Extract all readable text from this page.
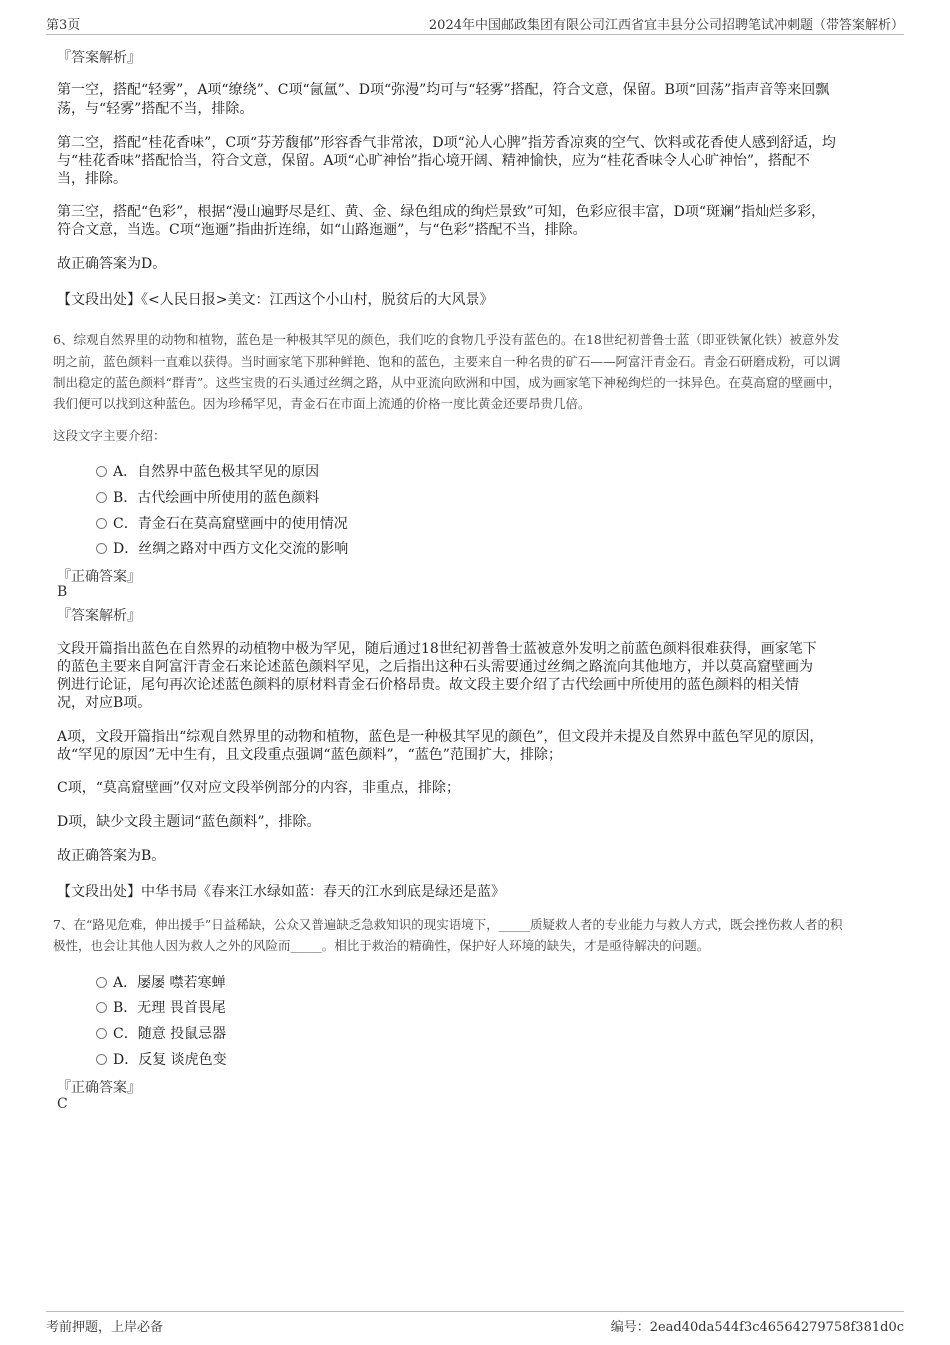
第3页	2024年中国邮政集团有限公司江西省宜丰县分公司招聘笔试冲刺题（带答案解析）
『答案解析』
第一空，搭配“轻雾”，A项“缭绕”、C项“氤氲”、D项“弥漫”均可与“轻雾”搭配，符合文意，保留。B项“回荡”指声音等来回飘
荡，与“轻雾”搭配不当，排除。
第二空，搭配“桂花香味”，C项“芬芳馥郁”形容香气非常浓，D项“沁人心脾”指芳香凉爽的空气、饮料或花香使人感到舒适，均
与“桂花香味”搭配恰当，符合文意，保留。A项“心旷神怡”指心境开阔、精神愉快，应为“桂花香味令人心旷神怡”，搭配不
当，排除。
第三空，搭配“色彩”，根据“漫山遍野尽是红、黄、金、绿色组成的绚烂景致”可知，色彩应很丰富，D项“斑斓”指灿烂多彩，
符合文意，当选。C项“迤逦”指曲折连绵，如“山路迤逦”，与“色彩”搭配不当，排除。
故正确答案为D。
【文段出处】《<人民日报>美文：江西这个小山村，脱贫后的大风景》
6、综观自然界里的动物和植物，蓝色是一种极其罕见的颜色，我们吃的食物几乎没有蓝色的。在18世纪初普鲁士蓝（即亚铁氰化铁）被意外发
明之前，蓝色颜料一直难以获得。当时画家笔下那种鲜艳、饱和的蓝色，主要来自一种名贵的矿石——阿富汗青金石。青金石研磨成粉，可以调
制出稳定的蓝色颜料“群青”。这些宝贵的石头通过丝绸之路，从中亚流向欧洲和中国，成为画家笔下神秘绚烂的一抹异色。在莫高窟的壁画中，
我们便可以找到这种蓝色。因为珍稀罕见，青金石在市面上流通的价格一度比黄金还要昂贵几倍。
这段文字主要介绍：
A．自然界中蓝色极其罕见的原因
B．古代绘画中所使用的蓝色颜料
C．青金石在莫高窟壁画中的使用情况
D．丝绸之路对中西方文化交流的影响
『正确答案』
B
『答案解析』
文段开篇指出蓝色在自然界的动植物中极为罕见，随后通过18世纪初普鲁士蓝被意外发明之前蓝色颜料很难获得，画家笔下
的蓝色主要来自阿富汗青金石来论述蓝色颜料罕见，之后指出这种石头需要通过丝绸之路流向其他地方，并以莫高窟壁画为
例进行论证，尾句再次论述蓝色颜料的原材料青金石价格昂贵。故文段主要介绍了古代绘画中所使用的蓝色颜料的相关情
况，对应B项。
A项，文段开篇指出“综观自然界里的动物和植物，蓝色是一种极其罕见的颜色”，但文段并未提及自然界中蓝色罕见的原因，
故“罕见的原因”无中生有，且文段重点强调“蓝色颜料”，“蓝色”范围扩大，排除；
C项，“莫高窟壁画”仅对应文段举例部分的内容，非重点，排除；
D项，缺少文段主题词“蓝色颜料”，排除。
故正确答案为B。
【文段出处】中华书局《春来江水绿如蓝：春天的江水到底是绿还是蓝》
7、在“路见危难，伸出援手”日益稀缺，公众又普遍缺乏急救知识的现实语境下，_____质疑救人者的专业能力与救人方式，既会挫伤救人者的积
极性，也会让其他人因为救人之外的风险而_____。相比于救治的精确性，保护好人环境的缺失，才是亟待解决的问题。
A．屡屡 噤若寒蝉
B．无理 畏首畏尾
C．随意 投鼠忌器
D．反复 谈虎色变
『正确答案』
C
考前押题，上岸必备	编号：2ead40da544f3c46564279758f381d0c
